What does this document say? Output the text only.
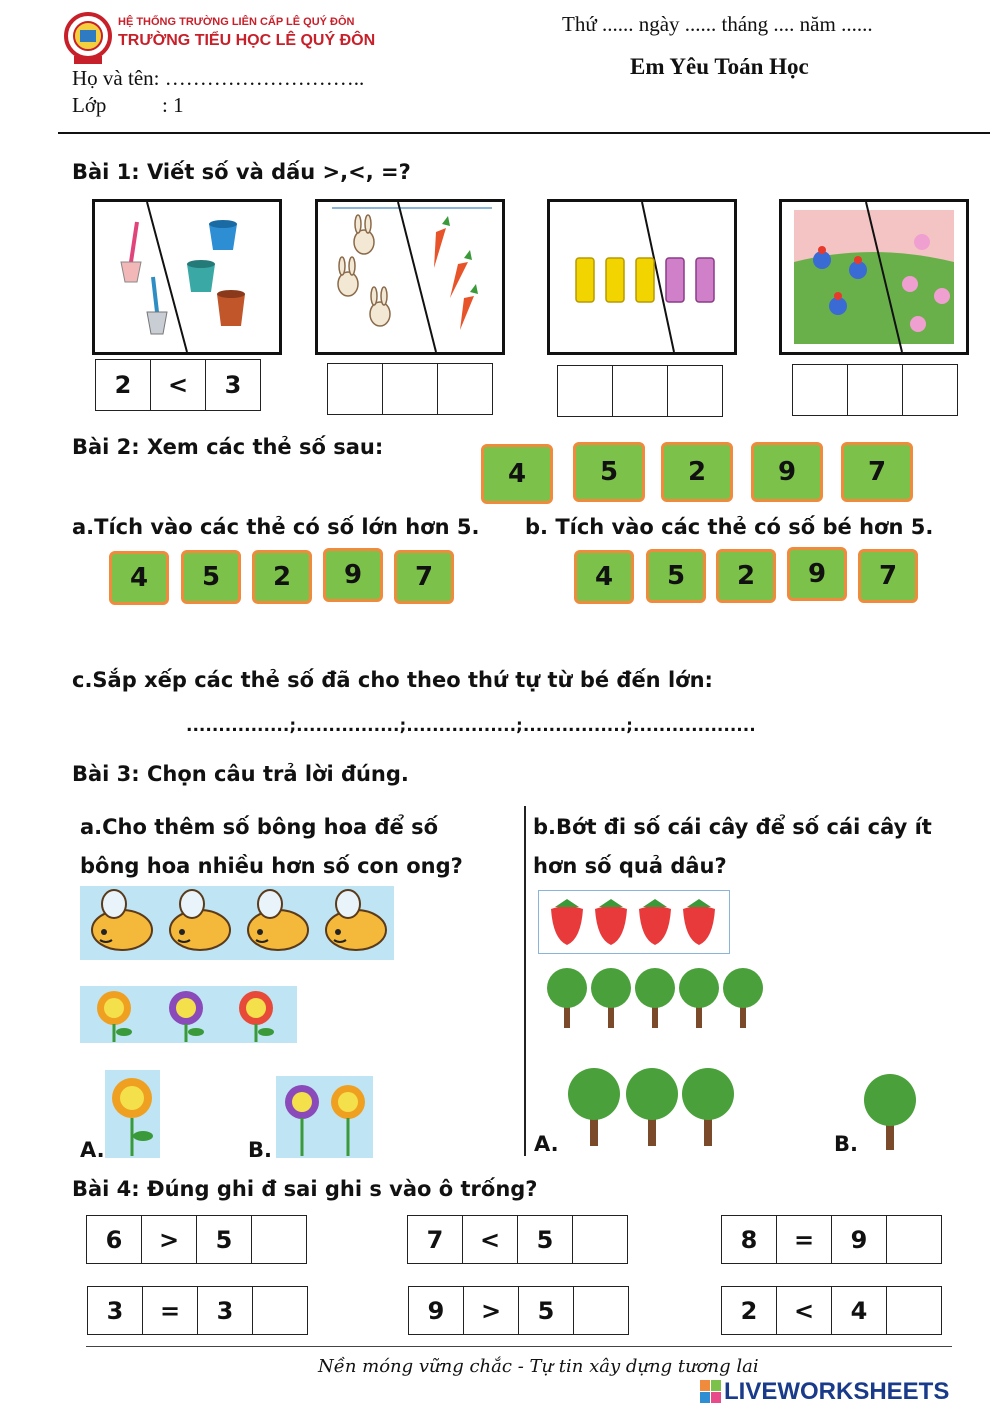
HỆ THỐNG TRƯỜNG LIÊN CẤP LÊ QUÝ ĐÔN
TRƯỜNG TIỂU HỌC LÊ QUÝ ĐÔN
Thứ ...... ngày ...... tháng .... năm ......
Em Yêu Toán Học
Họ và tên: ………………………..
Lớp	: 1
Bài 1: Viết số và dấu >,<, =?
2	<	3
Bài 2: Xem các thẻ số sau:
4	5	2	9	7
a.Tích vào các thẻ có số lớn hơn 5. b. Tích vào các thẻ có số bé hơn 5.
4	5	2	9	7	4	5	2	9	7
c.Sắp xếp các thẻ số đã cho theo thứ tự từ bé đến lớn:
................;................;.................;................;...................
Bài 3: Chọn câu trả lời đúng.
a.Cho thêm số bông hoa để số
bông hoa nhiều hơn số con ong?
b.Bớt đi số cái cây để số cái cây ít
hơn số quả dâu?
A.	B.	A.	B.
Bài 4: Đúng ghi đ sai ghi s vào ô trống?
6	>	5	7	<	5	8	=	9
3	=	3	9	>	5	2	<	4
Nền móng vững chắc - Tự tin xây dựng tương lai
LIVEWORKSHEETS
